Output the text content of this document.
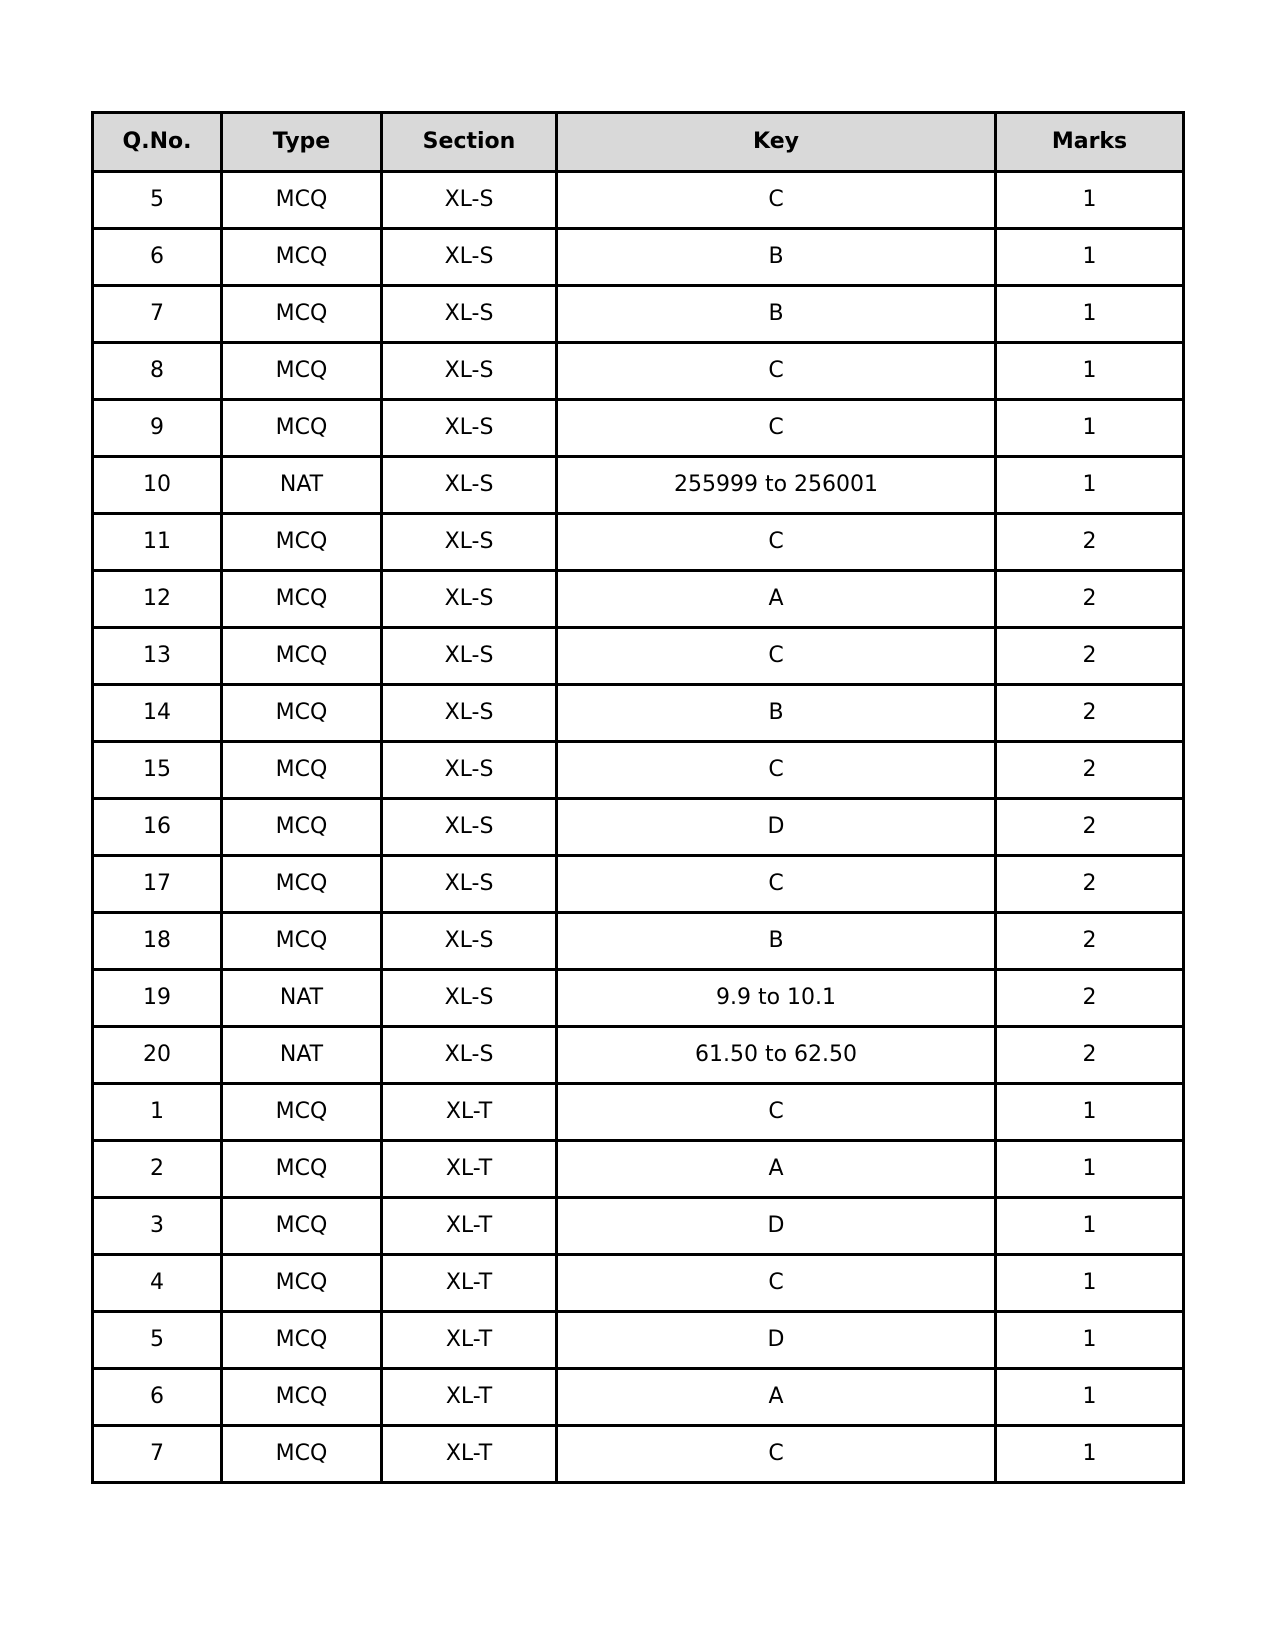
Q.No.	Type	Section	Key	Marks
5	MCQ	XL-S	C	1
6	MCQ	XL-S	B	1
7	MCQ	XL-S	B	1
8	MCQ	XL-S	C	1
9	MCQ	XL-S	C	1
10	NAT	XL-S	255999 to 256001	1
11	MCQ	XL-S	C	2
12	MCQ	XL-S	A	2
13	MCQ	XL-S	C	2
14	MCQ	XL-S	B	2
15	MCQ	XL-S	C	2
16	MCQ	XL-S	D	2
17	MCQ	XL-S	C	2
18	MCQ	XL-S	B	2
19	NAT	XL-S	9.9 to 10.1	2
20	NAT	XL-S	61.50 to 62.50	2
1	MCQ	XL-T	C	1
2	MCQ	XL-T	A	1
3	MCQ	XL-T	D	1
4	MCQ	XL-T	C	1
5	MCQ	XL-T	D	1
6	MCQ	XL-T	A	1
7	MCQ	XL-T	C	1
